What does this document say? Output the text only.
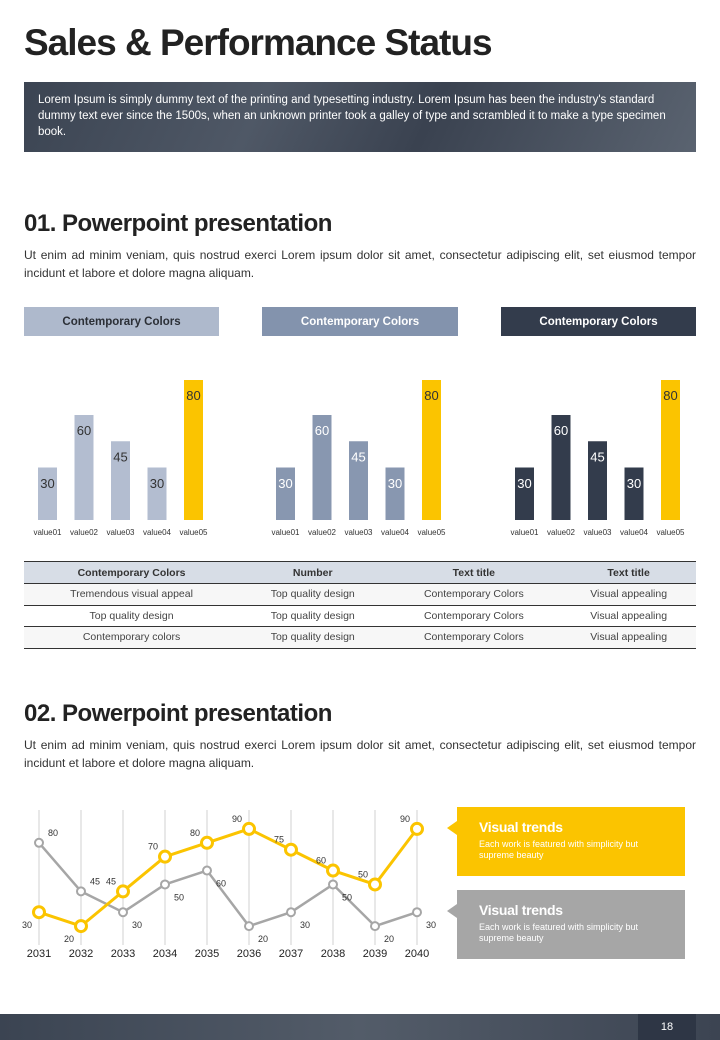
Sales & Performance Status

Lorem Ipsum is simply dummy text of the printing and typesetting industry. Lorem Ipsum has been the industry's standard dummy text ever since the 1500s, when an unknown printer took a galley of type and scrambled it to make a type specimen book.

01. Powerpoint presentation
Ut enim ad minim veniam, quis nostrud exerci Lorem ipsum dolor sit amet, consectetur adipiscing elit, set eiusmod tempor incidunt et labore et dolore magna aliquam.
Contemporary Colors	Contemporary Colors	Contemporary Colors
30
value01
60
value02
45
value03
30
value04
80
value05
30
value01
60
value02
45
value03
30
value04
80
value05
30
value01
60
value02
45
value03
30
value04
80
value05
Contemporary Colors	Number	Text title	Text title
Tremendous visual appeal	Top quality design	Contemporary Colors	Visual appealing
Top quality design	Top quality design	Contemporary Colors	Visual appealing
Contemporary colors	Top quality design	Contemporary Colors	Visual appealing
02. Powerpoint presentation
Ut enim ad minim veniam, quis nostrud exerci Lorem ipsum dolor sit amet, consectetur adipiscing elit, set eiusmod tempor incidunt et labore et dolore magna aliquam.
2031 2032 2033 2034 2035 2036 2037 2038 2039 2040
80
45
30
50
60
20
30
50
20
30
30
20
45
70
80
90
75
60
50
90
Visual trends
Each work is featured with simplicity but supreme beauty
Visual trends
Each work is featured with simplicity but supreme beauty
18
